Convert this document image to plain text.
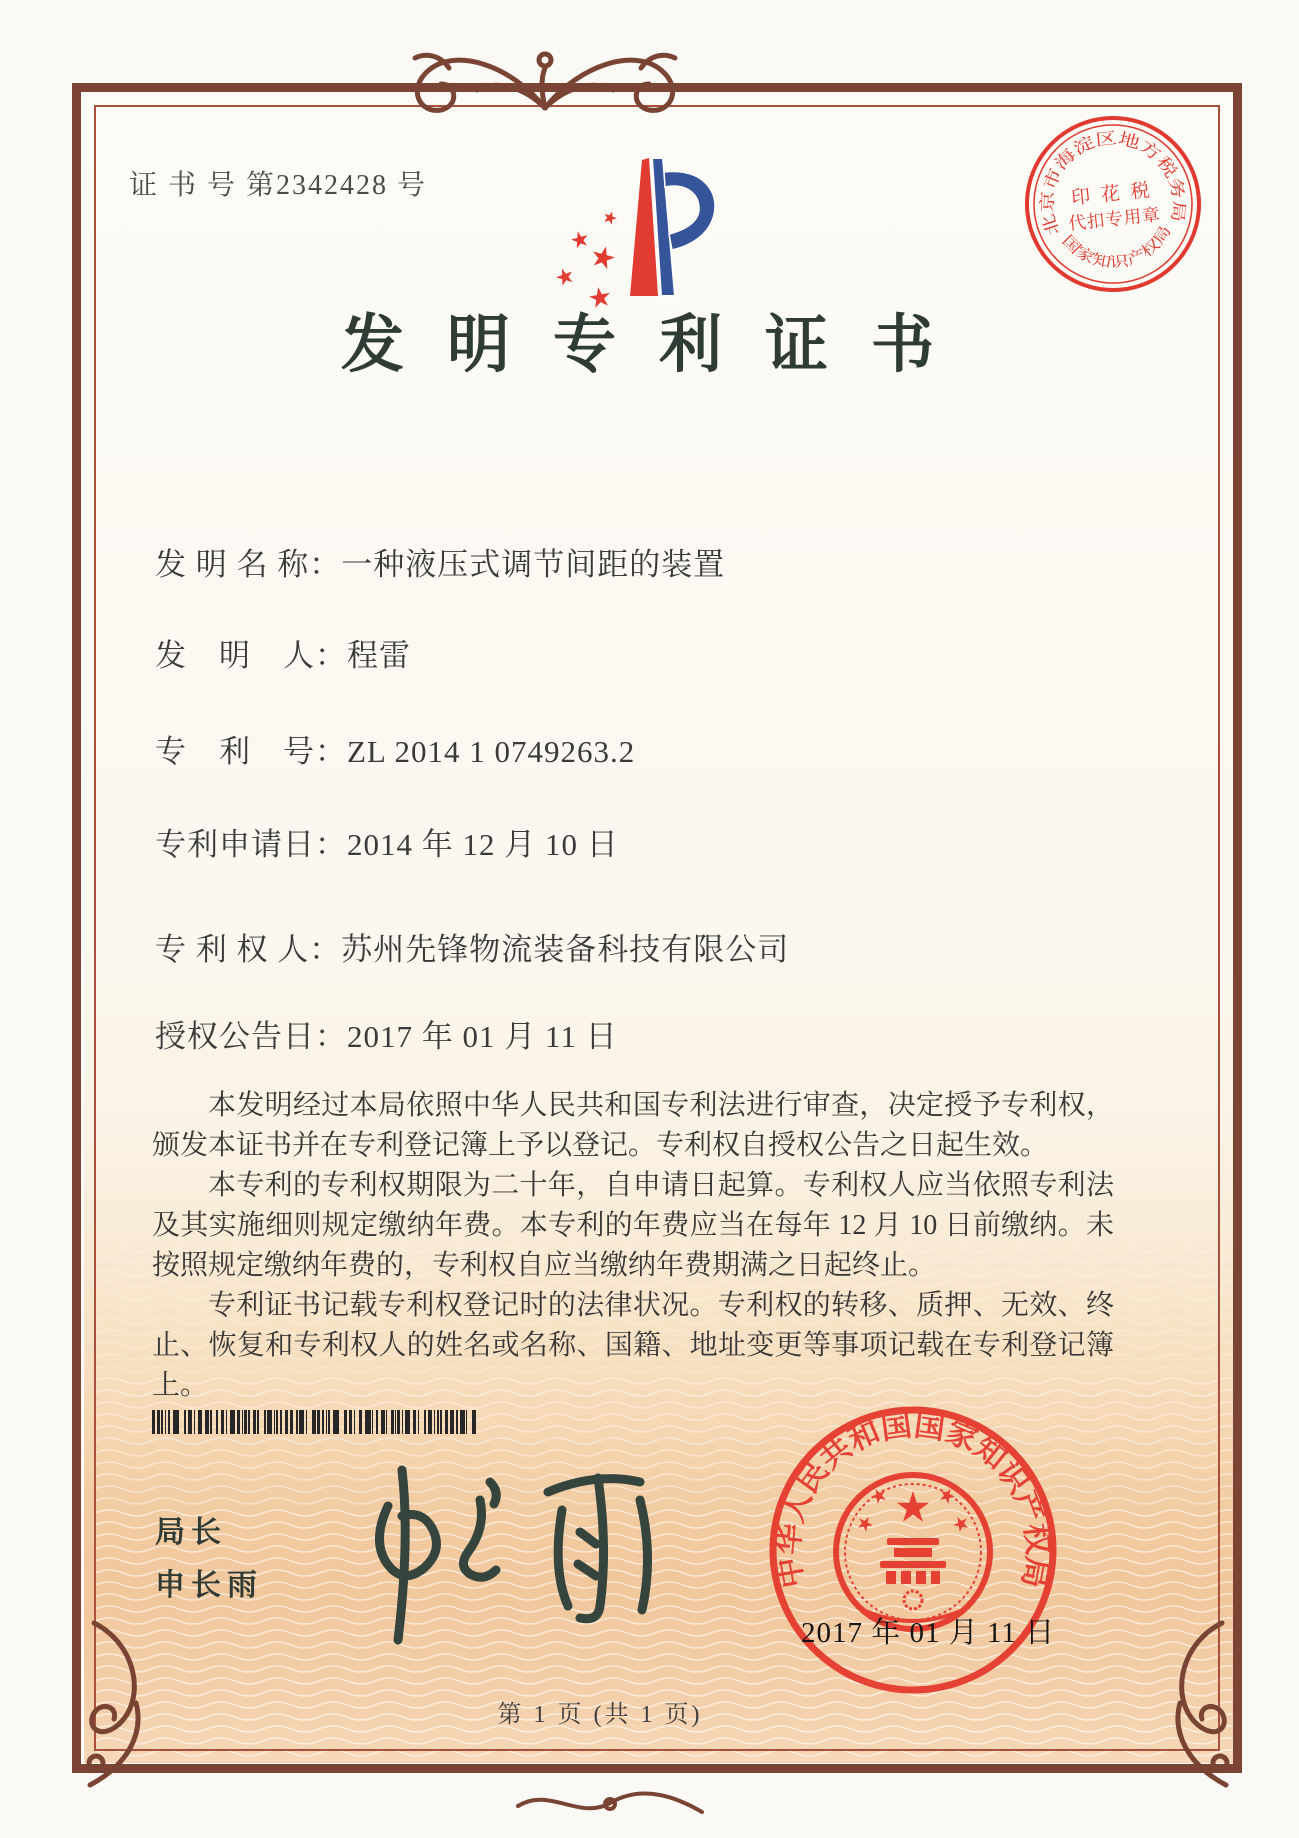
证 书 号 第2342428 号
北京市海淀区地方税务局
印 花 税
代扣专用章
国家知识产权局
发明专利证书
发 明 名 称：一种液压式调节间距的装置
发　明　人：程雷
专　利　号：ZL 2014 1 0749263.2
专利申请日：2014 年 12 月 10 日
专 利 权 人：苏州先锋物流装备科技有限公司
授权公告日：2017 年 01 月 11 日

本发明经过本局依照中华人民共和国专利法进行审查，决定授予专利权，颁发本证书并在专利登记簿上予以登记。专利权自授权公告之日起生效。

本专利的专利权期限为二十年，自申请日起算。专利权人应当依照专利法及其实施细则规定缴纳年费。本专利的年费应当在每年 12 月 10 日前缴纳。未按照规定缴纳年费的，专利权自应当缴纳年费期满之日起终止。

专利证书记载专利权登记时的法律状况。专利权的转移、质押、无效、终止、恢复和专利权人的姓名或名称、国籍、地址变更等事项记载在专利登记簿上。

局长
申长雨	中华人民共和国国家知识产权局
2017 年 01 月 11 日
第 1 页 (共 1 页)
